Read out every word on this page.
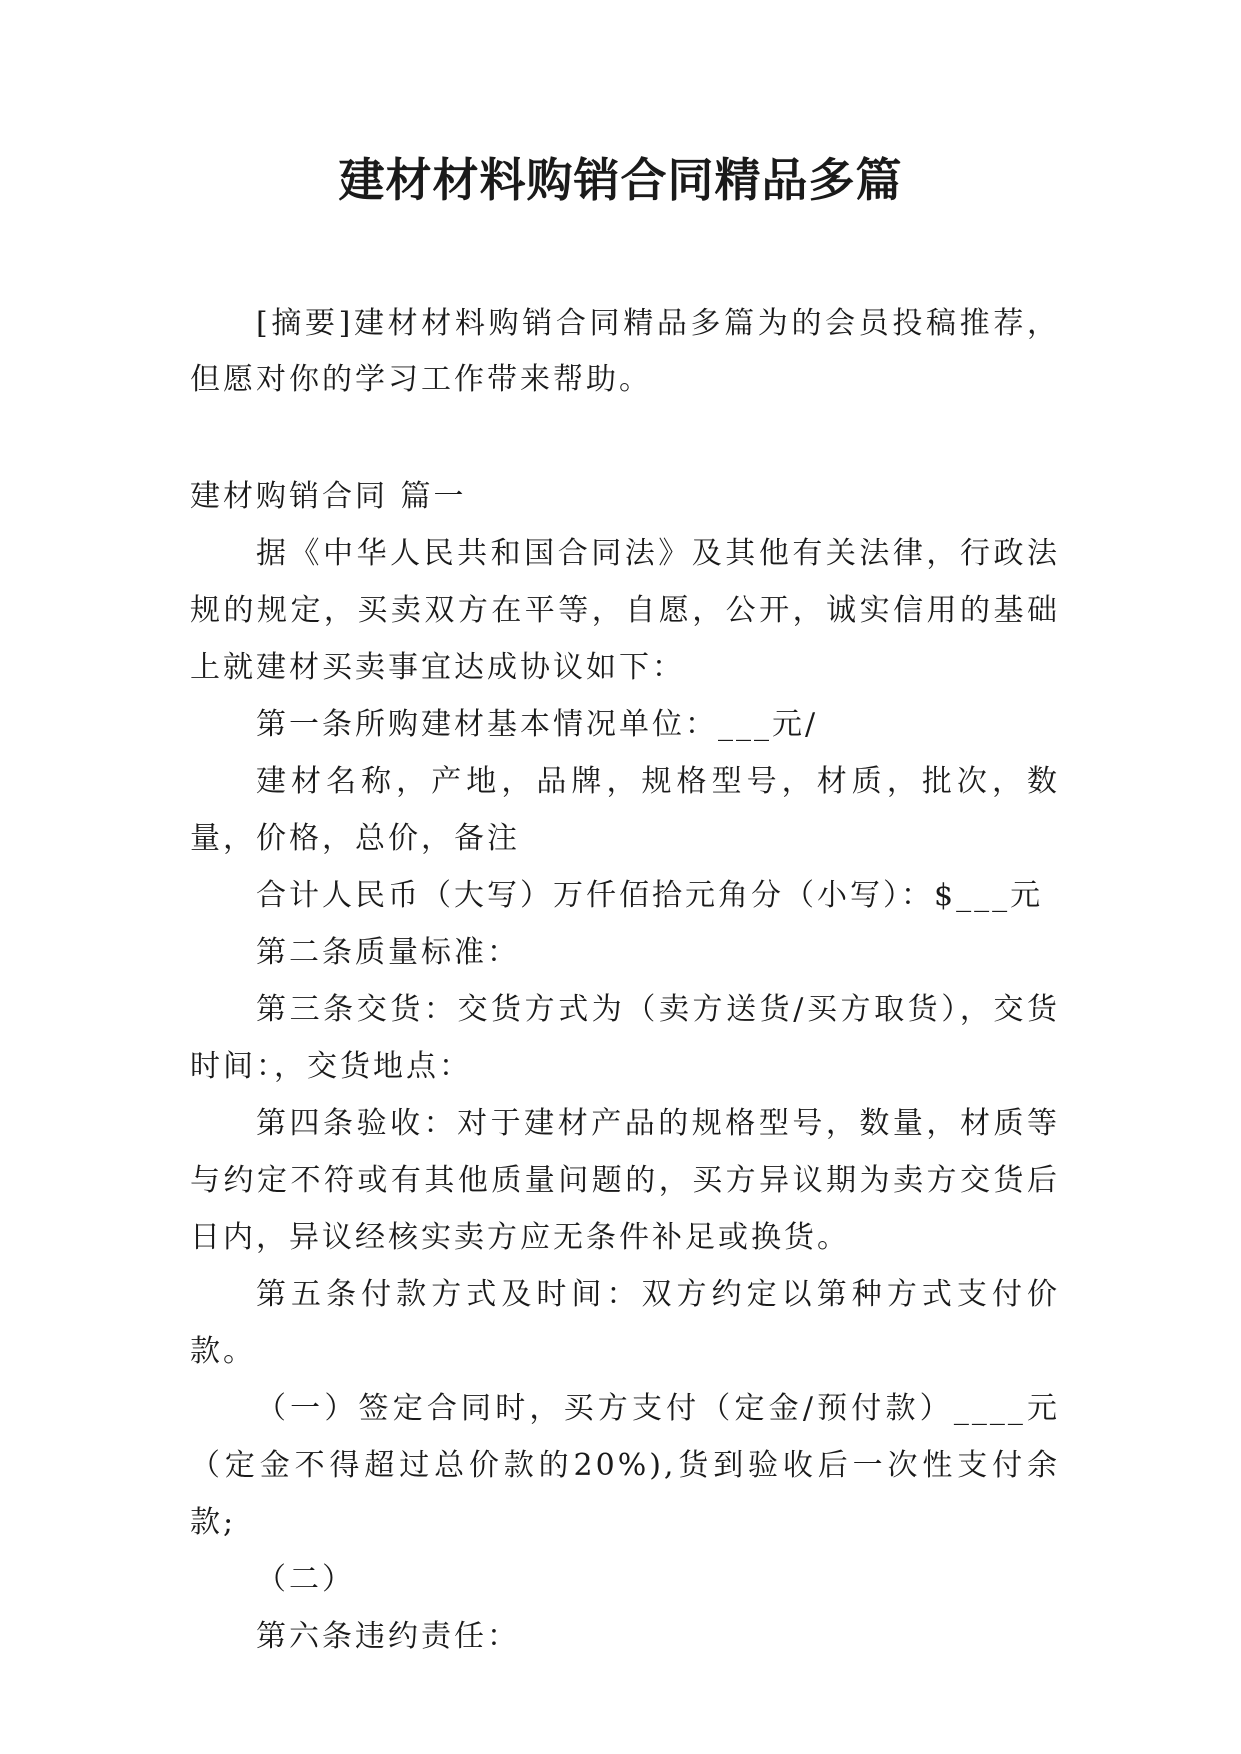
建材材料购销合同精品多篇

[摘要]建材材料购销合同精品多篇为的会员投稿推荐，但愿对你的学习工作带来帮助。

建材购销合同 篇一

据《中华人民共和国合同法》及其他有关法律，行政法规的规定，买卖双方在平等，自愿，公开，诚实信用的基础上就建材买卖事宜达成协议如下：

第一条所购建材基本情况单位：___元/

建材名称，产地，品牌，规格型号，材质，批次，数量，价格，总价，备注

合计人民币（大写）万仟佰拾元角分（小写）：$___元

第二条质量标准：

第三条交货：交货方式为（卖方送货/买方取货），交货时间：，交货地点：

第四条验收：对于建材产品的规格型号，数量，材质等与约定不符或有其他质量问题的，买方异议期为卖方交货后日内，异议经核实卖方应无条件补足或换货。

第五条付款方式及时间：双方约定以第种方式支付价款。

（一）签定合同时，买方支付（定金/预付款）____元（定金不得超过总价款的20%),货到验收后一次性支付余款;

（二）

第六条违约责任：
